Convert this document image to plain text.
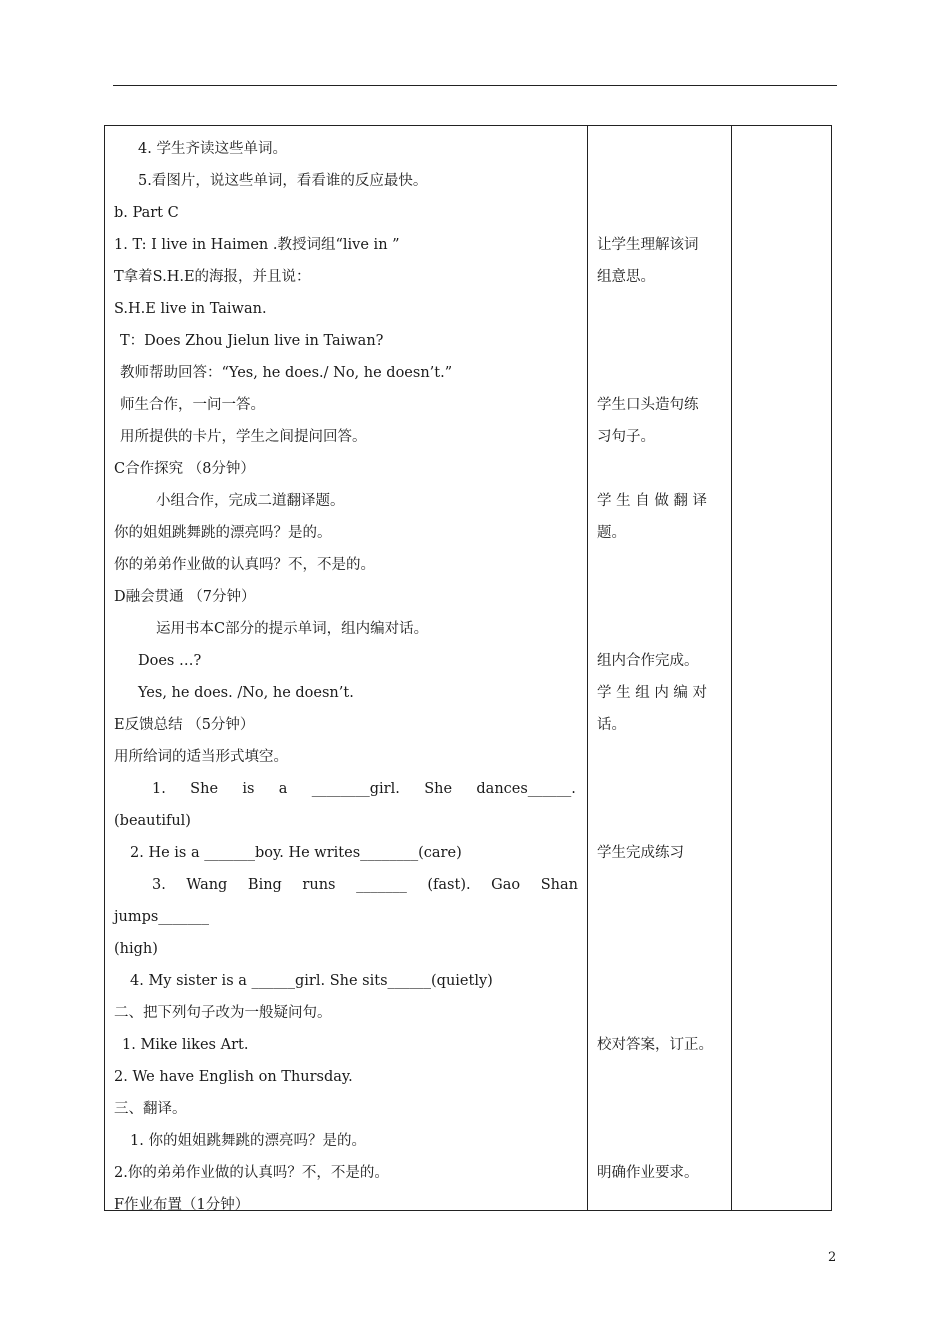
4. 学生齐读这些单词。

5.看图片，说这些单词，看看谁的反应最快。

b. Part C

1. T: I live in Haimen .教授词组“live in ”

T拿着S.H.E的海报，并且说：

S.H.E live in Taiwan.

T：Does Zhou Jielun live in Taiwan?

教师帮助回答：“Yes, he does./ No, he doesn’t.”

师生合作，一问一答。

用所提供的卡片，学生之间提问回答。

C合作探究 （8分钟）

小组合作，完成二道翻译题。

你的姐姐跳舞跳的漂亮吗？是的。

你的弟弟作业做的认真吗？不，不是的。

D融会贯通 （7分钟）

运用书本C部分的提示单词，组内编对话。

Does …?

Yes, he does. /No, he doesn’t.

E反馈总结 （5分钟）

用所给词的适当形式填空。

1. She is a ________girl. She dances______.

(beautiful)

2. He is a _______boy. He writes________(care)

3. Wang Bing runs _______ (fast). Gao Shan

jumps_______

(high)

4. My sister is a ______girl. She sits______(quietly)

二、把下列句子改为一般疑问句。

1. Mike likes Art.

2. We have English on Thursday.

三、翻译。

1. 你的姐姐跳舞跳的漂亮吗？是的。

2.你的弟弟作业做的认真吗？不，不是的。

F作业布置（1分钟）

让学生理解该词

组意思。

学生口头造句练

习句子。

学 生 自 做 翻 译

题。

组内合作完成。

学 生 组 内 编 对

话。

学生完成练习

校对答案，订正。

明确作业要求。

2
